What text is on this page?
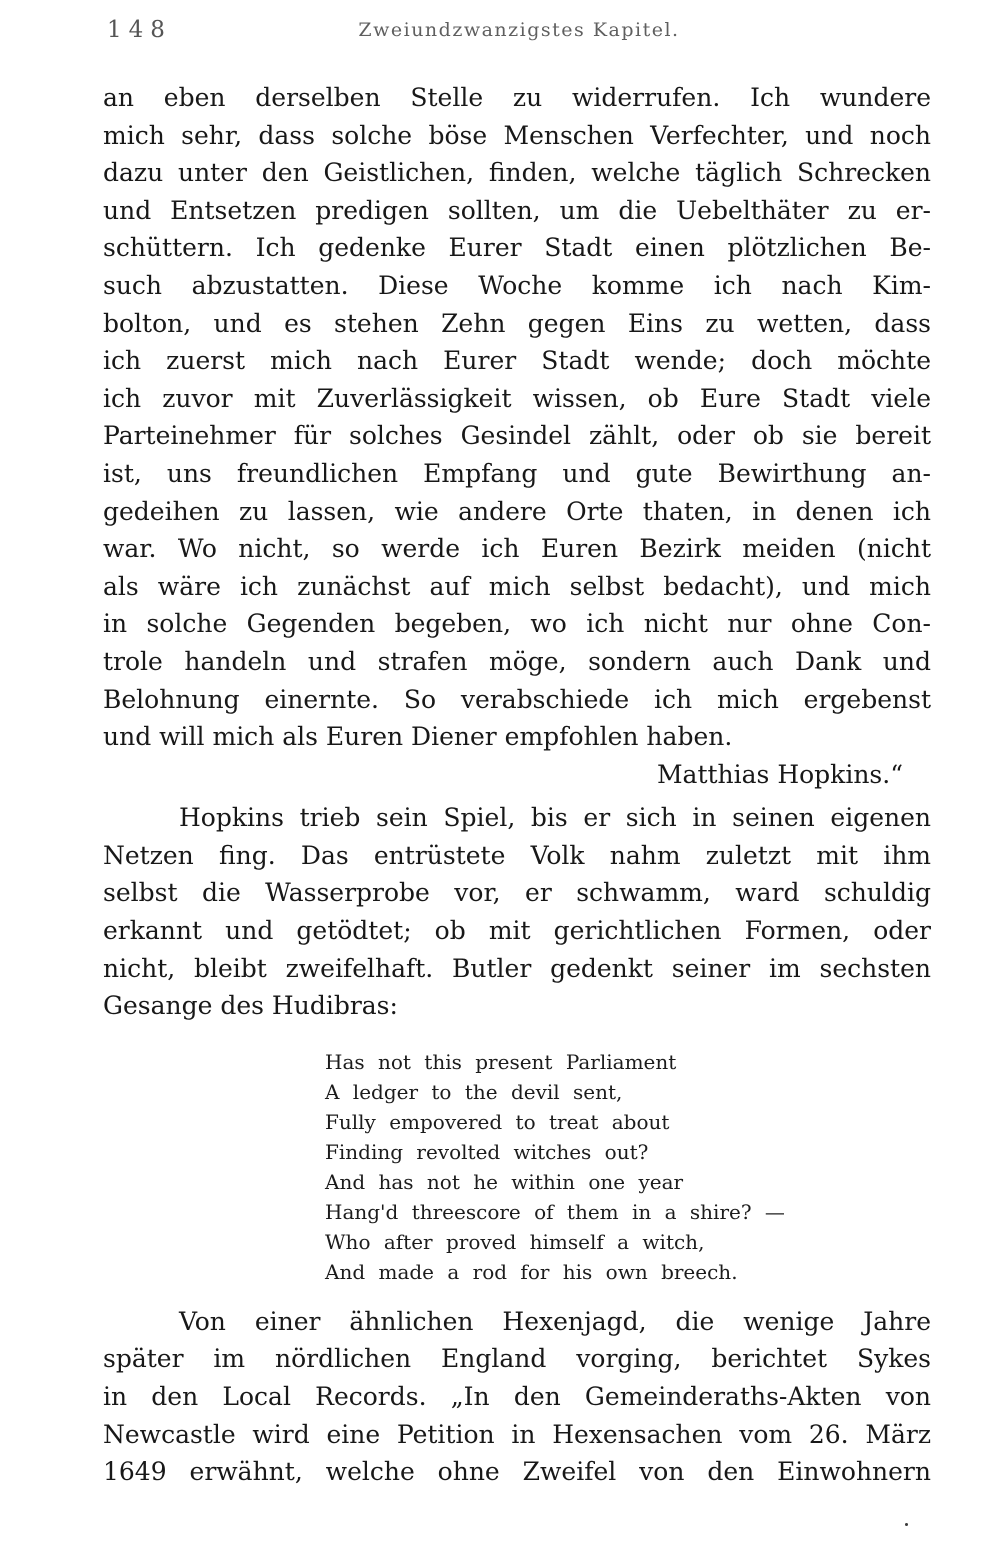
148	Zweiundzwanzigstes Kapitel.
an eben derselben Stelle zu widerrufen. Ich wundere
mich sehr, dass solche böse Menschen Verfechter, und noch
dazu unter den Geistlichen, finden, welche täglich Schrecken
und Entsetzen predigen sollten, um die Uebelthäter zu er-
schüttern. Ich gedenke Eurer Stadt einen plötzlichen Be-
such abzustatten. Diese Woche komme ich nach Kim-
bolton, und es stehen Zehn gegen Eins zu wetten, dass
ich zuerst mich nach Eurer Stadt wende; doch möchte
ich zuvor mit Zuverlässigkeit wissen, ob Eure Stadt viele
Parteinehmer für solches Gesindel zählt, oder ob sie bereit
ist, uns freundlichen Empfang und gute Bewirthung an-
gedeihen zu lassen, wie andere Orte thaten, in denen ich
war. Wo nicht, so werde ich Euren Bezirk meiden (nicht
als wäre ich zunächst auf mich selbst bedacht), und mich
in solche Gegenden begeben, wo ich nicht nur ohne Con-
trole handeln und strafen möge, sondern auch Dank und
Belohnung einernte. So verabschiede ich mich ergebenst
und will mich als Euren Diener empfohlen haben.
Matthias Hopkins.“
Hopkins trieb sein Spiel, bis er sich in seinen eigenen
Netzen fing. Das entrüstete Volk nahm zuletzt mit ihm
selbst die Wasserprobe vor, er schwamm, ward schuldig
erkannt und getödtet; ob mit gerichtlichen Formen, oder
nicht, bleibt zweifelhaft. Butler gedenkt seiner im sechsten
Gesange des Hudibras:
Has not this present Parliament
A ledger to the devil sent,
Fully empovered to treat about
Finding revolted witches out?
And has not he within one year
Hang'd threescore of them in a shire? —
Who after proved himself a witch,
And made a rod for his own breech.
Von einer ähnlichen Hexenjagd, die wenige Jahre
später im nördlichen England vorging, berichtet Sykes
in den Local Records. „In den Gemeinderaths-Akten von
Newcastle wird eine Petition in Hexensachen vom 26. März
1649 erwähnt, welche ohne Zweifel von den Einwohnern
